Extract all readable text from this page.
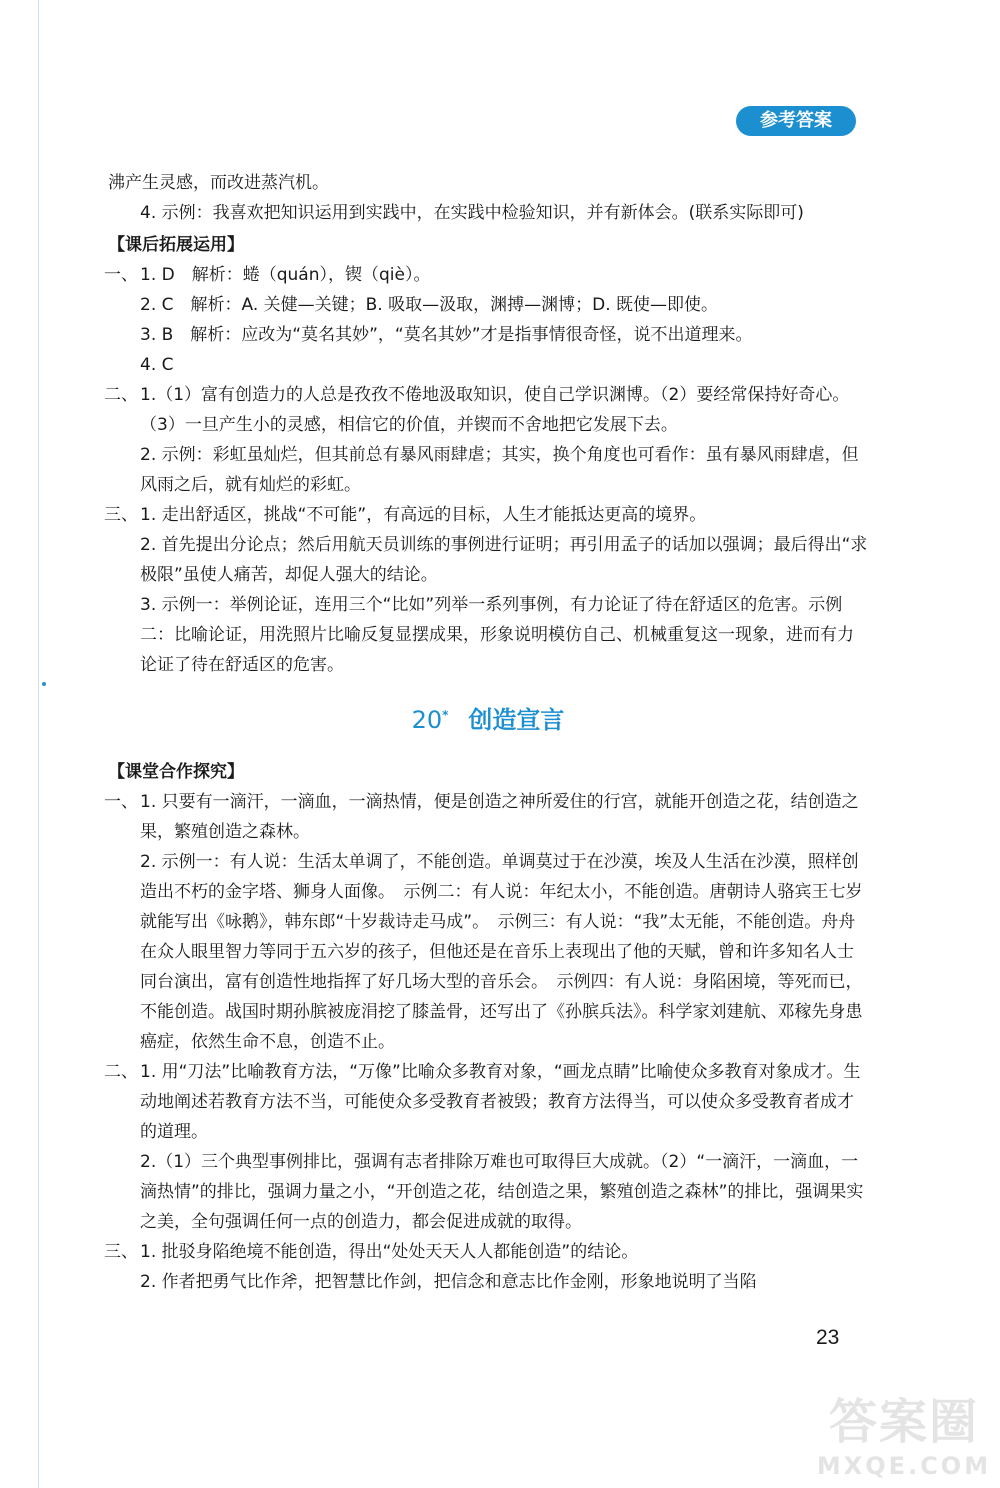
参考答案
沸产生灵感，而改进蒸汽机。
4. 示例：我喜欢把知识运用到实践中，在实践中检验知识，并有新体会。(联系实际即可)
【课后拓展运用】
一、 1. D　解析：蜷（quán），锲（qiè）。
2. C　解析：A. 关健—关键；B. 吸取—汲取，渊搏—渊博；D. 既使—即使。
3. B　解析：应改为“莫名其妙”，“莫名其妙”才是指事情很奇怪，说不出道理来。
4. C
二、 1.（1）富有创造力的人总是孜孜不倦地汲取知识，使自己学识渊博。（2）要经常保持好奇心。（3）一旦产生小的灵感，相信它的价值，并锲而不舍地把它发展下去。
2. 示例：彩虹虽灿烂，但其前总有暴风雨肆虐；其实，换个角度也可看作：虽有暴风雨肆虐，但风雨之后，就有灿烂的彩虹。
三、 1. 走出舒适区，挑战“不可能”，有高远的目标，人生才能抵达更高的境界。
2. 首先提出分论点；然后用航天员训练的事例进行证明；再引用孟子的话加以强调；最后得出“求极限”虽使人痛苦，却促人强大的结论。
3. 示例一：举例论证，连用三个“比如”列举一系列事例，有力论证了待在舒适区的危害。示例二：比喻论证，用洗照片比喻反复显摆成果，形象说明模仿自己、机械重复这一现象，进而有力论证了待在舒适区的危害。
20* 创造宣言
【课堂合作探究】
一、 1. 只要有一滴汗，一滴血，一滴热情，便是创造之神所爱住的行宫，就能开创造之花，结创造之果，繁殖创造之森林。
2. 示例一：有人说：生活太单调了，不能创造。单调莫过于在沙漠，埃及人生活在沙漠，照样创造出不朽的金字塔、狮身人面像。　示例二：有人说：年纪太小，不能创造。唐朝诗人骆宾王七岁就能写出《咏鹅》，韩东郎“十岁裁诗走马成”。　示例三：有人说：“我”太无能，不能创造。舟舟在众人眼里智力等同于五六岁的孩子，但他还是在音乐上表现出了他的天赋，曾和许多知名人士同台演出，富有创造性地指挥了好几场大型的音乐会。　示例四：有人说：身陷困境，等死而已，不能创造。战国时期孙膑被庞涓挖了膝盖骨，还写出了《孙膑兵法》。科学家刘建航、邓稼先身患癌症，依然生命不息，创造不止。
二、 1. 用“刀法”比喻教育方法，“万像”比喻众多教育对象，“画龙点睛”比喻使众多教育对象成才。生动地阐述若教育方法不当，可能使众多受教育者被毁；教育方法得当，可以使众多受教育者成才的道理。
2.（1）三个典型事例排比，强调有志者排除万难也可取得巨大成就。（2）“一滴汗，一滴血，一滴热情”的排比，强调力量之小，“开创造之花，结创造之果，繁殖创造之森林”的排比，强调果实之美，全句强调任何一点的创造力，都会促进成就的取得。
三、 1. 批驳身陷绝境不能创造，得出“处处天天人人都能创造”的结论。
2. 作者把勇气比作斧，把智慧比作剑，把信念和意志比作金刚，形象地说明了当陷
23
答案圈
MXQE.COM
